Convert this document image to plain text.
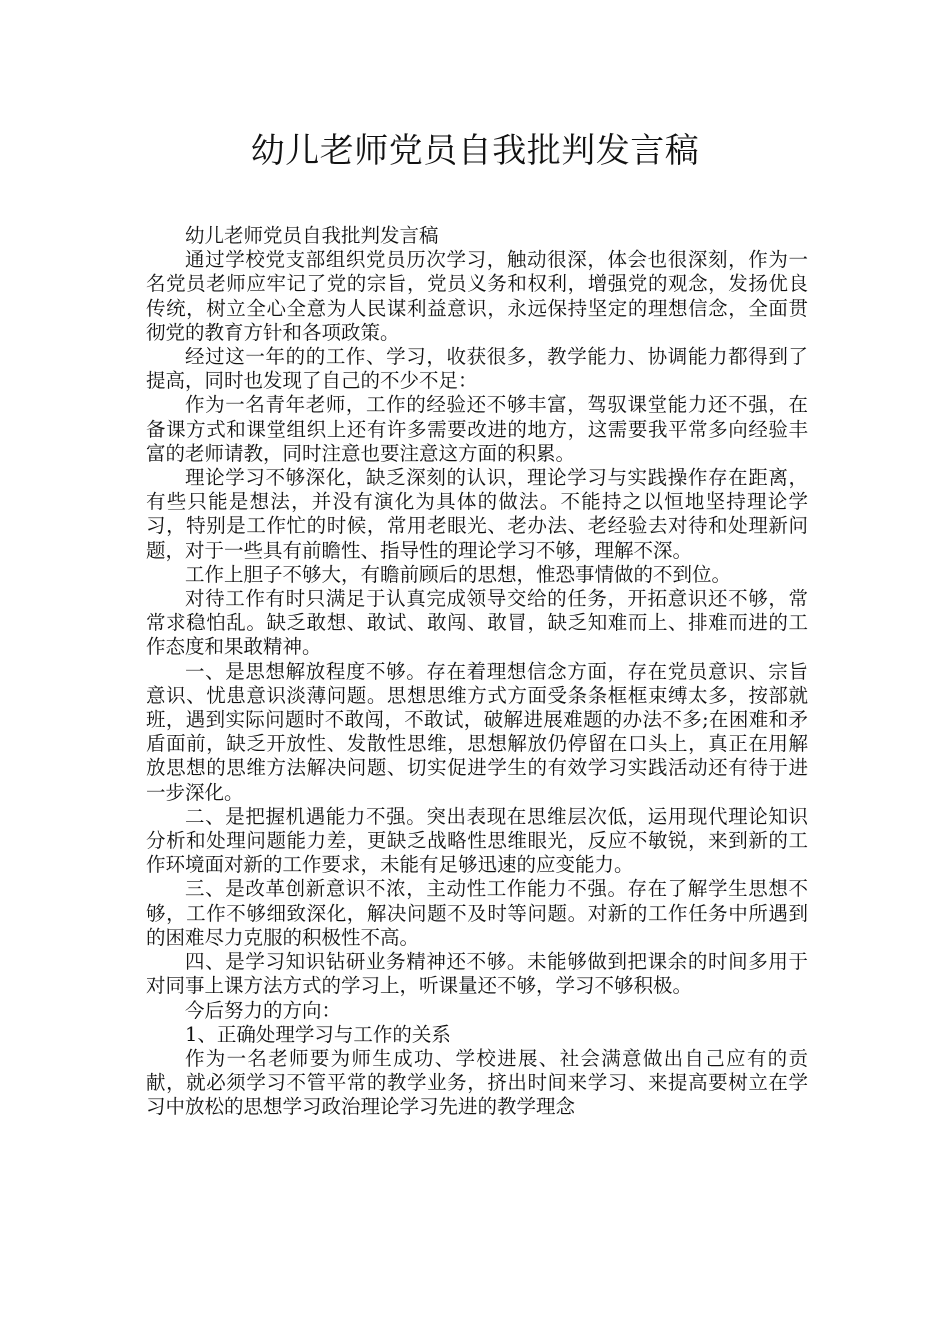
幼儿老师党员自我批判发言稿

幼儿老师党员自我批判发言稿

通过学校党支部组织党员历次学习，触动很深，体会也很深刻，作为一名党员老师应牢记了党的宗旨，党员义务和权利，增强党的观念，发扬优良传统，树立全心全意为人民谋利益意识，永远保持坚定的理想信念，全面贯彻党的教育方针和各项政策。

经过这一年的的工作、学习，收获很多，教学能力、协调能力都得到了提高，同时也发现了自己的不少不足：

作为一名青年老师，工作的经验还不够丰富，驾驭课堂能力还不强，在备课方式和课堂组织上还有许多需要改进的地方，这需要我平常多向经验丰富的老师请教，同时注意也要注意这方面的积累。

理论学习不够深化，缺乏深刻的认识，理论学习与实践操作存在距离，有些只能是想法，并没有演化为具体的做法。不能持之以恒地坚持理论学习，特别是工作忙的时候，常用老眼光、老办法、老经验去对待和处理新问题，对于一些具有前瞻性、指导性的理论学习不够，理解不深。

工作上胆子不够大，有瞻前顾后的思想，惟恐事情做的不到位。

对待工作有时只满足于认真完成领导交给的任务，开拓意识还不够，常常求稳怕乱。缺乏敢想、敢试、敢闯、敢冒，缺乏知难而上、排难而进的工作态度和果敢精神。

一、是思想解放程度不够。存在着理想信念方面，存在党员意识、宗旨意识、忧患意识淡薄问题。思想思维方式方面受条条框框束缚太多，按部就班，遇到实际问题时不敢闯，不敢试，破解进展难题的办法不多;在困难和矛盾面前，缺乏开放性、发散性思维，思想解放仍停留在口头上，真正在用解放思想的思维方法解决问题、切实促进学生的有效学习实践活动还有待于进一步深化。

二、是把握机遇能力不强。突出表现在思维层次低，运用现代理论知识分析和处理问题能力差，更缺乏战略性思维眼光，反应不敏锐，来到新的工作环境面对新的工作要求，未能有足够迅速的应变能力。

三、是改革创新意识不浓，主动性工作能力不强。存在了解学生思想不够，工作不够细致深化，解决问题不及时等问题。对新的工作任务中所遇到的困难尽力克服的积极性不高。

四、是学习知识钻研业务精神还不够。未能够做到把课余的时间多用于对同事上课方法方式的学习上，听课量还不够，学习不够积极。

今后努力的方向：

1、正确处理学习与工作的关系

作为一名老师要为师生成功、学校进展、社会满意做出自己应有的贡献，就必须学习不管平常的教学业务，挤出时间来学习、来提高要树立在学习中放松的思想学习政治理论学习先进的教学理念
